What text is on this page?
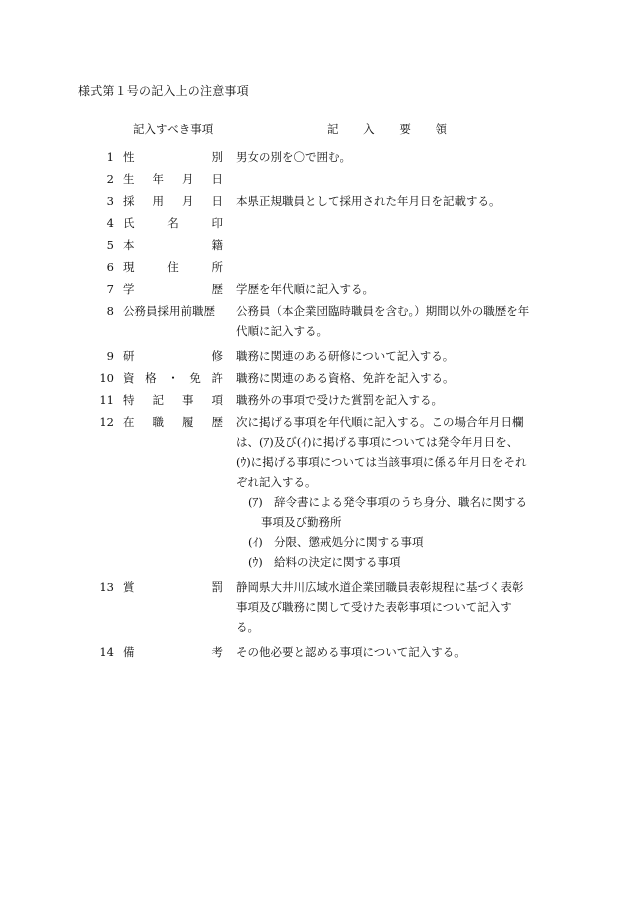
様式第１号の記入上の注意事項
記入すべき事項	記 入 要 領
1 性	別 男女の別を〇で囲む。
2 生 年 月 日
3 採 用 月 日 本県正規職員として採用された年月日を記載する。
4 氏	名	印
5 本	籍
6 現	住	所
7 学	歴 学歴を年代順に記入する。
8 公務員採用前職歴 公務員（本企業団臨時職員を含む。）期間以外の職歴を年
代順に記入する。
9 研	修 職務に関連のある研修について記入する。
10 資 格 ・ 免 許 職務に関連のある資格、免許を記入する。
11 特 記 事 項 職務外の事項で受けた賞罰を記入する。
12 在 職 履 歴 次に掲げる事項を年代順に記入する。この場合年月日欄
は、(ｱ)及び(ｲ)に掲げる事項については発令年月日を、
(ｳ)に掲げる事項については当該事項に係る年月日をそれ
ぞれ記入する。
(ｱ) 辞令書による発令事項のうち身分、職名に関する
事項及び勤務所
(ｲ) 分限、懲戒処分に関する事項
(ｳ) 給料の決定に関する事項
13 賞	罰 静岡県大井川広域水道企業団職員表彰規程に基づく表彰
事項及び職務に関して受けた表彰事項について記入す
る。
14 備	考 その他必要と認める事項について記入する。
